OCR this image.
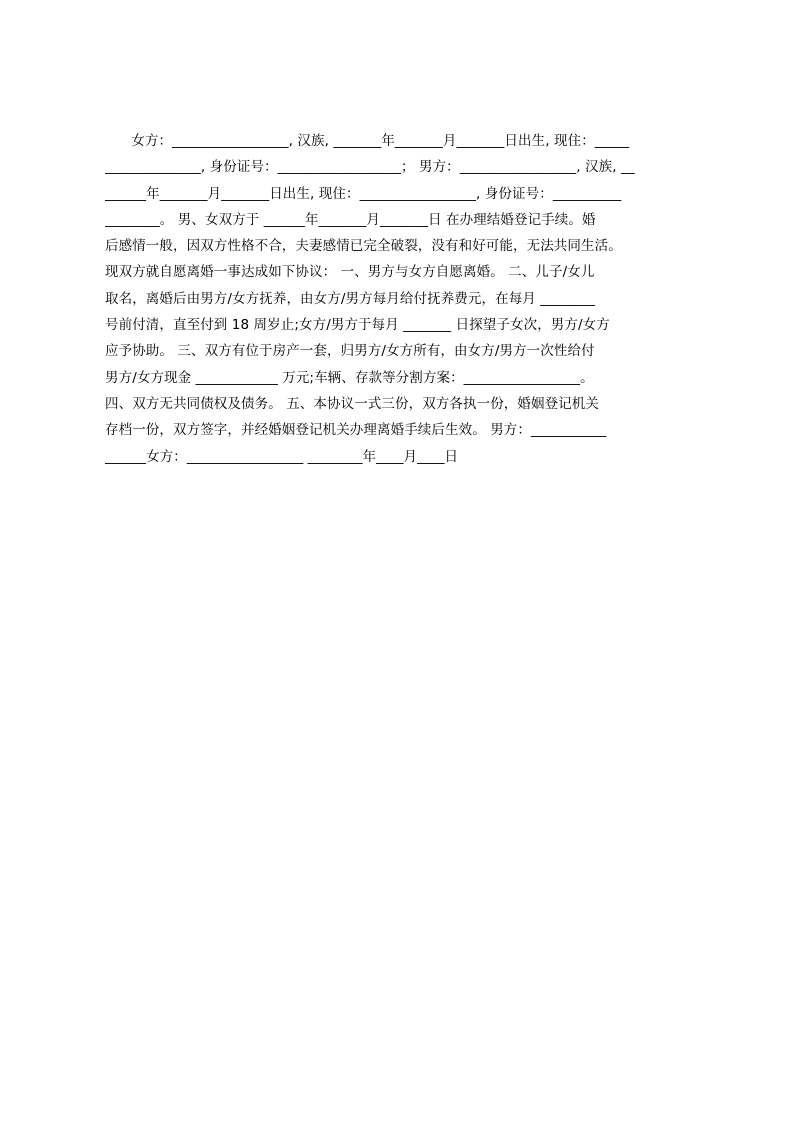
女方：_________________, 汉族, _______年_______月_______日出生, 现住：_____
______________, 身份证号：__________________； 男方：_________________, 汉族, __
______年_______月_______日出生, 现住：_________________, 身份证号：__________
________。 男、女双方于 ______年_______月_______日 在办理结婚登记手续。婚
后感情一般，因双方性格不合，夫妻感情已完全破裂，没有和好可能，无法共同生活。
现双方就自愿离婚一事达成如下协议： 一、男方与女方自愿离婚。 二、儿子/女儿
取名，离婚后由男方/女方抚养，由女方/男方每月给付抚养费元，在每月 ________
号前付清，直至付到 18 周岁止;女方/男方于每月 _______ 日探望子女次，男方/女方
应予协助。 三、双方有位于房产一套，归男方/女方所有，由女方/男方一次性给付
男方/女方现金 ____________ 万元;车辆、存款等分割方案：_________________。
四、双方无共同债权及债务。 五、本协议一式三份，双方各执一份，婚姻登记机关
存档一份，双方签字，并经婚姻登记机关办理离婚手续后生效。 男方：___________
______女方：_________________ ________年____月____日
